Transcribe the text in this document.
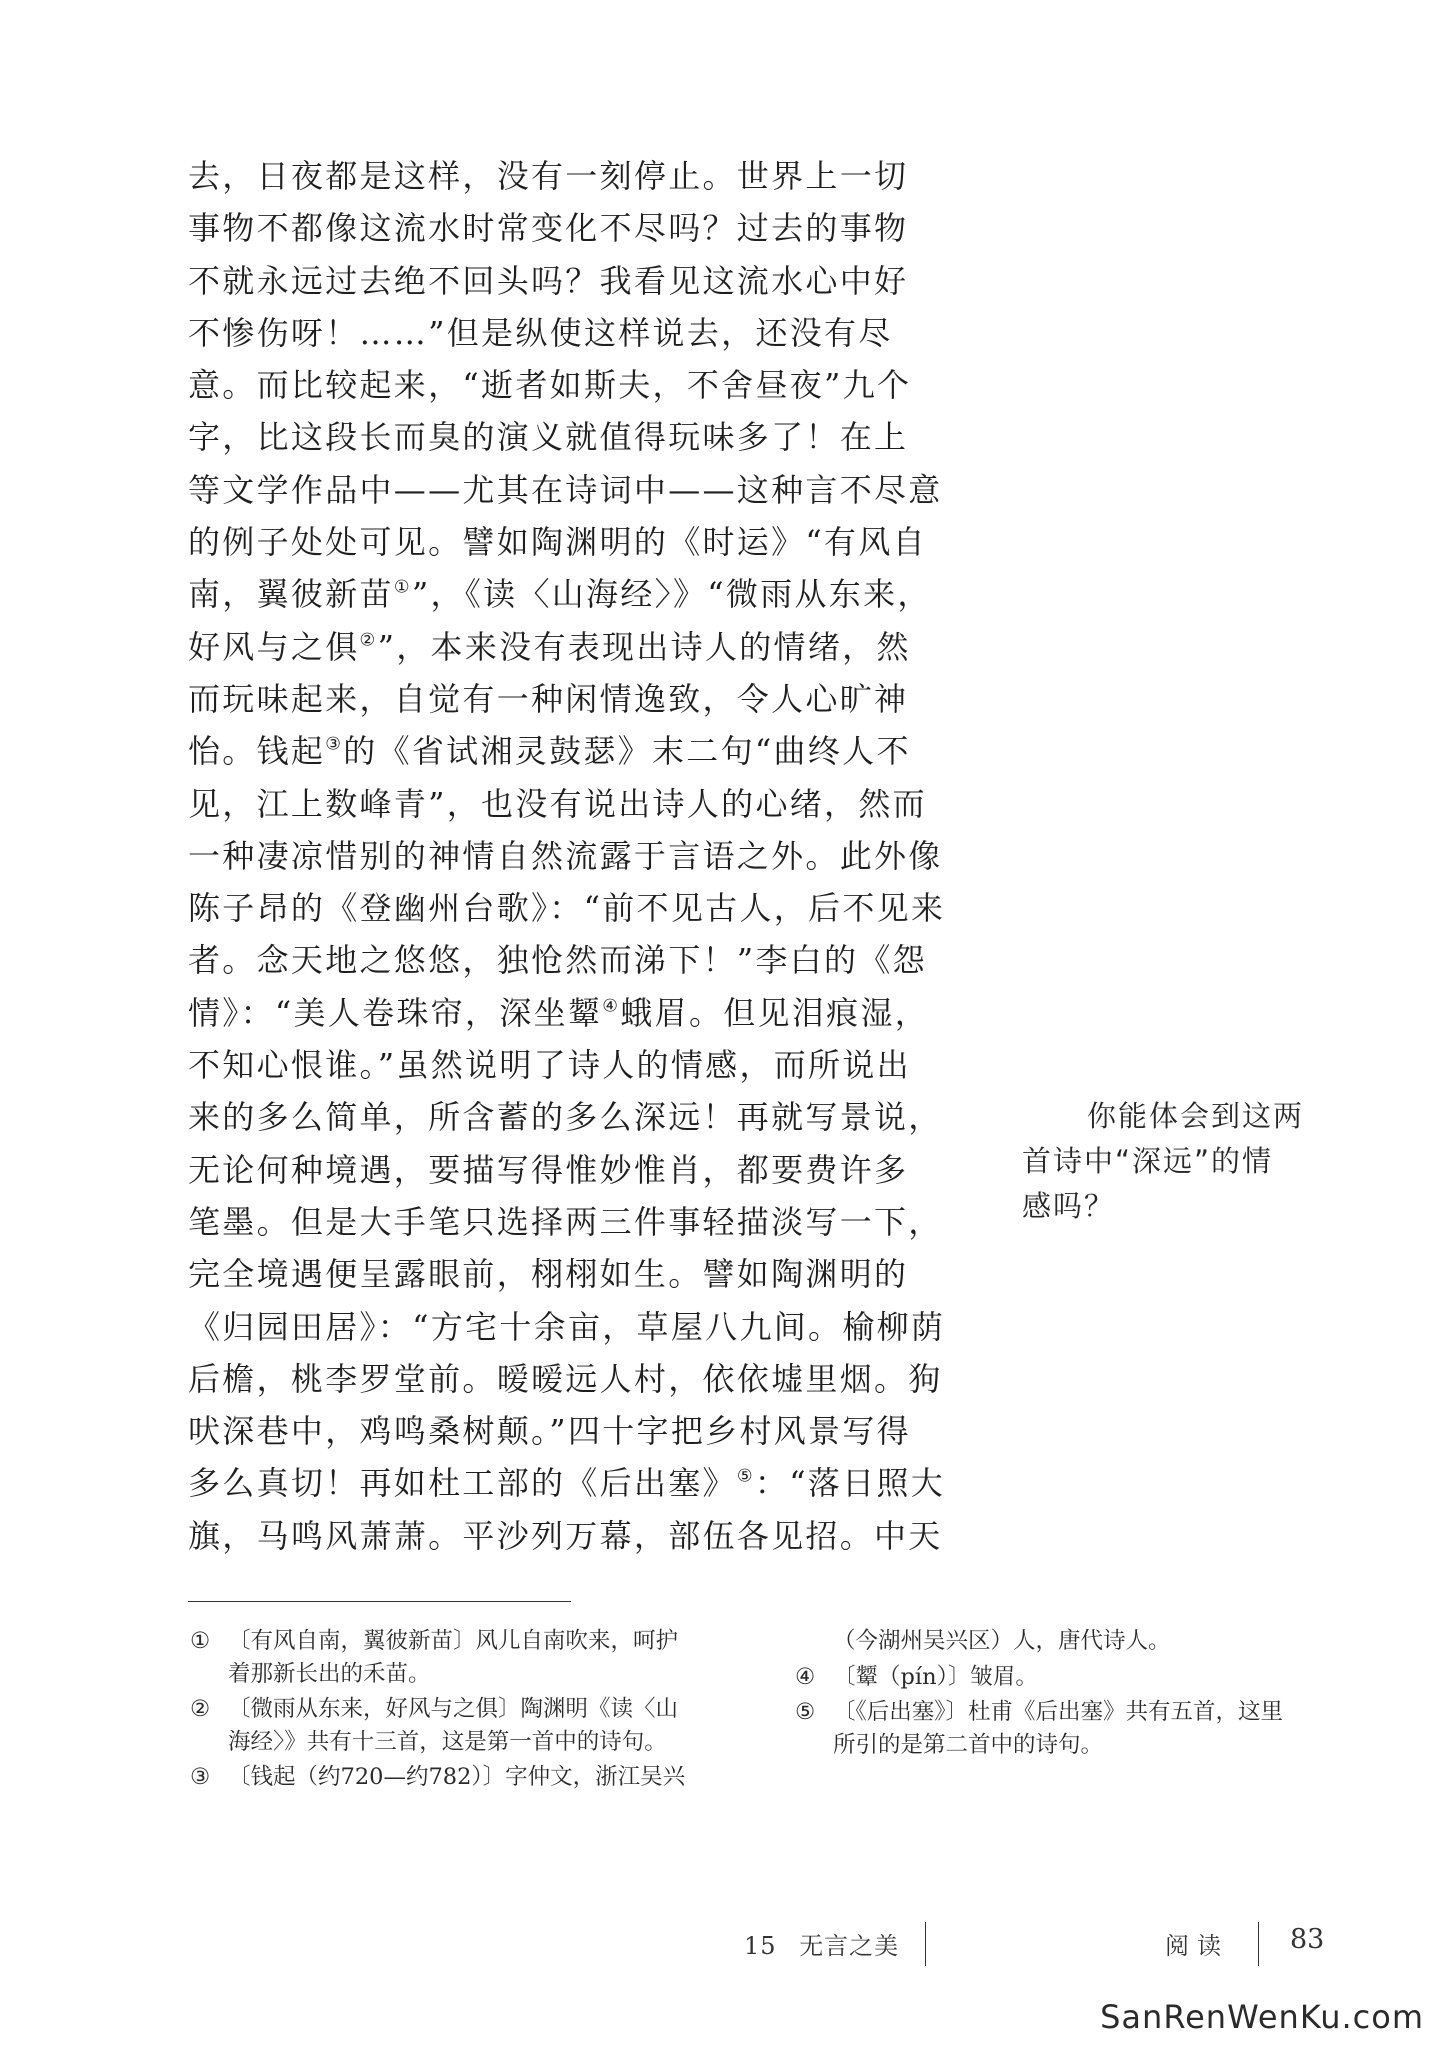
去，日夜都是这样，没有一刻停止。世界上一切
事物不都像这流水时常变化不尽吗？过去的事物
不就永远过去绝不回头吗？我看见这流水心中好
不惨伤呀！……”但是纵使这样说去，还没有尽
意。而比较起来，“逝者如斯夫，不舍昼夜”九个
字，比这段长而臭的演义就值得玩味多了！在上
等文学作品中——尤其在诗词中——这种言不尽意
的例子处处可见。譬如陶渊明的《时运》“有风自
南，翼彼新苗①”，《读〈山海经〉》“微雨从东来，
好风与之俱②”，本来没有表现出诗人的情绪，然
而玩味起来，自觉有一种闲情逸致，令人心旷神
怡。钱起③的《省试湘灵鼓瑟》末二句“曲终人不
见，江上数峰青”，也没有说出诗人的心绪，然而
一种凄凉惜别的神情自然流露于言语之外。此外像
陈子昂的《登幽州台歌》：“前不见古人，后不见来
者。念天地之悠悠，独怆然而涕下！”李白的《怨
情》：“美人卷珠帘，深坐颦④蛾眉。但见泪痕湿，
不知心恨谁。”虽然说明了诗人的情感，而所说出
来的多么简单，所含蓄的多么深远！再就写景说，
无论何种境遇，要描写得惟妙惟肖，都要费许多
笔墨。但是大手笔只选择两三件事轻描淡写一下，
完全境遇便呈露眼前，栩栩如生。譬如陶渊明的
《归园田居》：“方宅十余亩，草屋八九间。榆柳荫
后檐，桃李罗堂前。暧暧远人村，依依墟里烟。狗
吠深巷中，鸡鸣桑树颠。”四十字把乡村风景写得
多么真切！再如杜工部的《后出塞》⑤：“落日照大
旗，马鸣风萧萧。平沙列万幕，部伍各见招。中天
你能体会到这两
首诗中“深远”的情
感吗？
① 〔有风自南，翼彼新苗〕风儿自南吹来，呵护
着那新长出的禾苗。
② 〔微雨从东来，好风与之俱〕陶渊明《读〈山
海经〉》共有十三首，这是第一首中的诗句。
③ 〔钱起（约720—约782）〕字仲文，浙江吴兴
（今湖州吴兴区）人，唐代诗人。
④ 〔颦（pín）〕皱眉。
⑤ 〔《后出塞》〕杜甫《后出塞》共有五首，这里
所引的是第二首中的诗句。
15 无言之美	阅读 83
SanRenWenKu.com
